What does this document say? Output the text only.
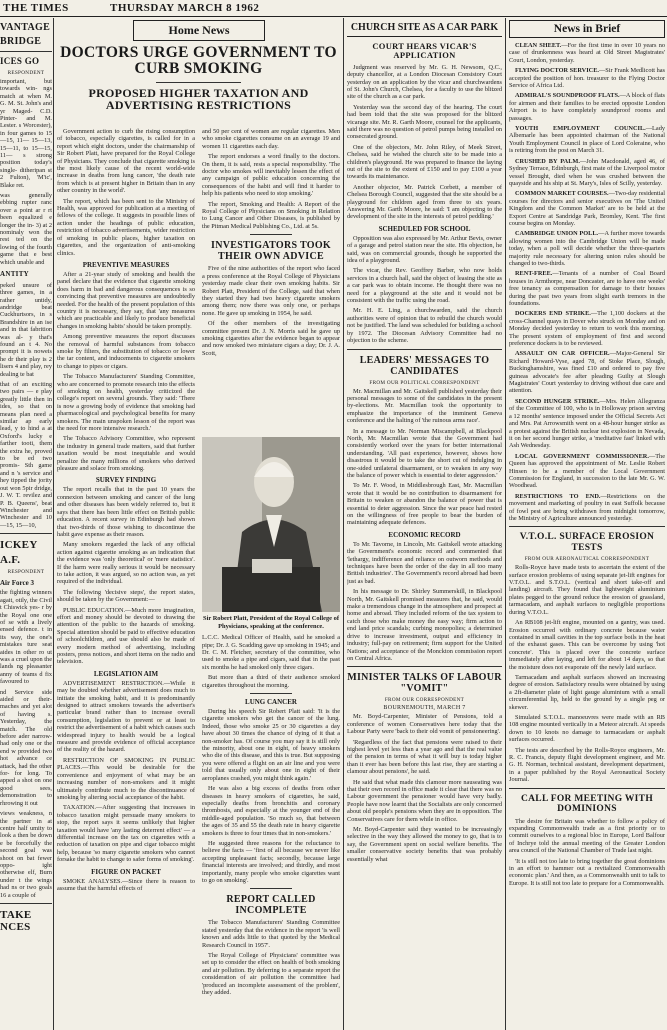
THE TIMES	THURSDAY MARCH 8 1962
VANTAGE
BRIDGE
ICES GO
RESPONDENT

important, but towards win- ngs match at when M. G. M. St. John's and yr Maged- C.D. Pinter- and M. Lester. s Worcester), in four games to 15—15, 11— 15—13, 15—11, to 15—15, 11— s strong position today's single- ditheripan st 2 Fulton), 'M'ic', Blake ret.

was generally ebbing rupter ranc over a point ar r rt been equalized e longer the in- 3) at 2 nominaly won the rest ted on the lowing of the fourth game that e best which unable and

ANTITY

peked unsure of three games, in a rather untidy, andridge beat Cuckhurtsors, in s Brandshire in an ise and in that fabrition was al- y that's found an t 4. No prompt it is noweis he dr their play is 2 lisers 4 and play, rey dealing te bat

that of an exciting two pairs — e play greatly little then in ides, so that on means plan need a similar ap early lead, y to hind a at Oxford's lucky e farther tooti, them the extra he, proved to be ed two promis- Sth game and n 's service and hey tipped the jority out won 5pir dridge, J. W. T. revilez and P. B. Queens', beat Winchester and Winchester and 10—15, 15—10,

ICKEY
A.F.
RESPONDENT
Air Force 3

the fighting winners agait, otily, the Civil t Chiswick yes- r by the Royal one one of se with a lively ensed defence. t in its way, the one's mistakes ture seat aides in other ro ut was a cruel upon the lands ng pleasanter anny of teams d fix favoured to

nd Service side aided or their- maches and yet alot of having s. Yesterday, the match. The old before ader narrow- had only one or the end w provided two hot advance ce attack, had the other for- for long. To apped a shot on one good sees, demonstration to rhrowing it out

views weakness, n the partner in at centre half umity to look a then be down e be forcefully the second goal was shoot on bat fewer oppo- ight otherwise elf, Burn under t the wings had ns or two goals 16 a couple of

TAKE NCES
Home News
DOCTORS URGE GOVERNMENT TO CURB SMOKING
PROPOSED HIGHER TAXATION AND ADVERTISING RESTRICTIONS

Government action to curb the rising consumption of tobacco, especially cigarettes, is called for in a report which eight doctors, under the chairmanship of Sir Robert Platt, have prepared for the Royal College of Physicians. They conclude that cigarette smoking is the most likely cause of the recent world-wide increase in deaths from lung cancer, 'the death rate from which is at present higher in Britain than in any other country in the world'.

The report, which has been sent to the Ministry of Health, was approved for publication at a meeting of fellows of the college. It suggests in possible lines of action under the headings of public education, restriction of tobacco advertisements, wider restriction of smoking in public places, higher taxation on cigarettes, and the organization of anti-smoking clinics.

PREVENTIVE MEASURES

After a 21-year study of smoking and health the panel declare that the evidence that cigarette smoking does harm in bad and dangerous consequences is so convincing that preventive measures are undoubtedly needed. For the health of the present population of this country it is necessary, they say, that 'any measures which are practicable and likely to produce beneficial changes in smoking habits' should be taken promptly.

Among preventive measures the report discusses the removal of harmful substances from tobacco smoke by filters, the substitution of tobacco or lower the tar content, and inducements to cigarette smokers to change to pipes or cigars.

The Tobacco Manufacturers' Standing Committee, who are concerned to promote research into the effects of smoking on health, yesterday criticized the college's report on several grounds. They said: 'There is now a growing body of evidence that smoking had pharmacological and psychological benefits for many smokers. The main unspoken lesson of the report was the need for more intensive research.'

The Tobacco Advisory Committee, who represent the industry in general trade matters, said that further taxation would be most inequitable and would penalize the many millions of smokers who derived pleasure and solace from smoking.

SURVEY FINDING

The report recalls that in the past 10 years the connexion between smoking and cancer of the lung and other diseases has been widely referred to, but it says that there has been little effect on British public education. A recent survey in Edinburgh had shown that two-thirds of those wishing to discontinue the habit gave expense as their reason.

Many smokers regarded the lack of any official action against cigarette smoking as an indication that the evidence was 'only theoretical' or 'mere statistics'. If the harm were really serious it would be necessary to take action, it was argued, so no action was, as yet required of the individual.

The following 'decisive steps', the report states, should be taken by the Government:—

PUBLIC EDUCATION.—Much more imagination, effort and money should be devoted to drawing the attention of the public to the hazards of smoking. Special attention should be paid to effective education of schoolchildren, and use should also be made of every modern method of advertising, including posters, press notices, and short items on the radio and television.

LEGISLATION AIM

ADVERTISEMENT RESTRICTION.—While it may be doubted whether advertisement does much to initiate the smoking habit, and it is predominantly designed to attract smokers towards the advertiser's particular brand rather than to increase overall consumption, legislation to prevent or at least to restrict the advertisement of a habit which causes such widespread injury to health would be a logical measure and provide evidence of official acceptance of the reality of the hazard.

RESTRICTION OF SMOKING IN PUBLIC PLACES.—This would be desirable for the convenience and enjoyment of what may be an increasing number of non-smokers and it might ultimately contribute much to the discontinuance of smoking by altering social acceptance of the habit.

TAXATION.—After suggesting that increases in tobacco taxation might persuade many smokers to stop, the report says it seems unlikely that higher taxation would have 'any lasting deterrent effect' — a differential increase on the tax on cigarettes with a reduction of taxation on pipe and cigar tobacco might help, because 'so many cigarette smokers who cannot forsake the habit to change to safer forms of smoking'.

FIGURE ON PACKET

SMOKE ANALYSES.—Since there is reason to assume that the harmful effects of

and 50 per cent of women are regular cigarettes. Men who smoke cigarettes consume on an average 19 and women 11 cigarettes each day.

The report endorses a word finally to the doctors. On them, it is said, rests a special responsibility. 'The doctor who smokes will inevitably lessen the effect of any campaign of public education concerning the consequences of the habit and will find it harder to help his patients who need to stop smoking.'

The report, Smoking and Health: A Report of the Royal College of Physicians on Smoking in Relation to Lung Cancer and Other Diseases, is published by the Pitman Medical Publishing Co., Ltd. at 5s.

INVESTIGATORS TOOK THEIR OWN ADVICE

Five of the nine authorities of the report who faced a press conference at the Royal College of Physicians yesterday made clear their own smoking habits. Sir Robert Platt, President of the College, said that when they started they had two heavy cigarette smokers among them; now there was only one, or perhaps none. He gave up smoking in 1954, he said.

Of the other members of the investigating committee present Dr. J. N. Morris said he gave up smoking cigarettes after the evidence began to appear and now smoked two miniature cigars a day; Dr. J. A. Scott,

Sir Robert Platt, President of the Royal College of Physicians, speaking at the conference.

L.C.C. Medical Officer of Health, said he smoked a pipe; Dr. J. G. Scadding gave up smoking in 1945; and Dr. C. M. Fletcher, secretary of the committee, who used to smoke a pipe and cigars, said that in the past six months he had smoked only three cigars.

But more than a third of their audience smoked cigarettes throughout the morning.

LUNG CANCER

During his speech Sir Robert Platt said: 'It is the cigarette smokers who get the cancer of the lung. Indeed, those who smoke 25 or 30 cigarettes a day have about 30 times the chance of dying of it that a non-smoker has. Of course you may say it is still only the minority, about one in eight, of heavy smokers who die of this disease, and this is true. But supposing you were offered a flight on an air line and you were told that usually only about one in eight of their aeroplanes crashed, you might think again.'

He was also a big excess of deaths from other diseases in heavy smokers of cigarettes, he said, especially deaths from bronchitis and coronary thrombosis, and especially at the younger end of the middle-aged population. 'So much so, that between the ages of 35 and 55 the death rate in heavy cigarette smokers is three to four times that in non-smokers.'

He suggested three reasons for the reluctance to believe the facts — 'first of all because we never like accepting unpleasant facts; secondly, because large financial interests are involved; and thirdly, and most importantly, many people who smoke cigarettes want to go on smoking'.

REPORT CALLED INCOMPLETE

The Tobacco Manufacturers' Standing Committee stated yesterday that the evidence in the report 'is well known and adds little to that quoted by the Medical Research Council in 1957'.

The Royal College of Physicians' committee was set up to consider the effect on health of both smoking and air pollution. By deferring to a separate report the consideration of air pollution the committee had 'produced an incomplete assessment of the problem', they added.

CHURCH SITE AS A CAR PARK
COURT HEARS VICAR'S APPLICATION

Judgment was reserved by Mr. G. H. Newsom, Q.C., deputy chancellor, at a London Diocesan Consistory Court yesterday on an application by the vicar and churchwardens of St. John's Church, Chelsea, for a faculty to use the blitzed site of the church as a car park.

Yesterday was the second day of the hearing. The court had been told that the site was proposed for the blitzed vicarage site. Mr. R. Garth Moore, counsel for the applicants, said there was no question of petrol pumps being installed on consecrated ground.

One of the objectors, Mr. John Riley, of Meek Street, Chelsea, said he wished the church site to be made into a children's playground. He was prepared to finance the laying out of the site to the extent of £150 and to pay £100 a year towards its maintenance.

Another objector, Mr. Patrick Corbett, a member of Chelsea Borough Council, suggested that the site should be a playground for children aged from three to six years. Answering Mr. Garth Moore, he said: 'I am objecting to the development of the site in the interests of petrol peddling.'

SCHEDULED FOR SCHOOL

Opposition was also expressed by Mr. Arthur Bevis, owner of a garage and petrol station near the site. His objection, he said, was on commercial grounds, though he supported the idea of a playground.

The vicar, the Rev. Geoffrey Barber, who now holds services in a church hall, said the object of leasing the site as a car park was to obtain income. He thought there was no need for a playground at the site and it would not be consistent with the traffic using the road.

Mr. H. E. Ling, a churchwarden, said the church authorities were of opinion that to rebuild the church would not be justified. The land was scheduled for building a school by 1972. The Diocesan Advisory Committee had no objection to the scheme.

LEADERS' MESSAGES TO CANDIDATES
FROM OUR POLITICAL CORRESPONDENT

Mr. Macmillan and Mr. Gaitskell published yesterday their personal messages to some of the candidates in the present by-elections. Mr. Macmillan took the opportunity to emphasize the importance of the imminent Geneva conference and the halting of 'the ruinous arms race'.

In a message to Mr. Norman Miscampbell, at Blackpool North, Mr. Macmillan wrote that the Government had consistently worked over the years for better international understanding. 'All past experience, however, shows how disastrous it would be to take the short cut of indulging in one-sided unilateral disarmament, or to weaken in any way the balance of power which is essential to deter aggression.'

To Mr. F. Wood, in Middlesbrough East, Mr. Macmillan wrote that it would be no contribution to disarmament for Britain to weaken or abandon the balance of power that is essential to deter aggression. Since the war peace had rested on the willingness of free people to bear the burden of maintaining adequate defences.

ECONOMIC RECORD

To Mr. Tavorne, in Lincoln, Mr. Gaitskell wrote attacking the Government's economic record and commented that 'lethargy, indifference and reliance on outworn methods and techniques have been the order of the day in all too many British industries'. The Government's record abroad had been just as bad.

In his message to Dr. Shirley Summerskill, in Blackpool North, Mr. Gaitskell promised measures that, he said, would make a tremendous change in the atmosphere and prospect at home and abroad. They included reform of the tax system to catch those who make money the easy way; firm action to end land price scandals; curbing monopolies; a determined drive to increase investment, output and efficiency in industry; full-pay on retirement; firm support for the United Nations; and acceptance of the Monckton commission report on Central Africa.

MINISTER TALKS OF LABOUR "VOMIT"
FROM OUR CORRESPONDENT
BOURNEMOUTH, MARCH 7

Mr. Boyd-Carpenter, Minister of Pensions, told a conference of women Conservatives here today that the Labour Party were 'back to their old vomit of pensioneering'.

'Regardless of the fact that pensions were raised to their highest level yet less than a year ago and that the real value of the pension in terms of what it will buy is today higher than it ever has been before this last rise, they are starting a clamour about pensions', he said.

He said that what made this clamour more nauseating was that their own record in office made it clear that there was no Labour government the pensioner would have very badly. People have now learnt that the Socialists are only concerned about old people's pensions when they are in opposition. The Conservatives care for them while in office.

Mr. Boyd-Carpenter said they wanted to be increasingly selective in the way they allowed the money to go, that is to say, the Government spent on social welfare benefits. The smaller conservative society benefits that was probably essentially what

News in Brief

CLEAN SHEET.—For the first time in over 10 years no case of drunkenness was heard at Old Street Magistrates' Court, London, yesterday.

FLYING DOCTOR SERVICE.—Sir Frank Medlicott has accepted the position of hon. treasurer to the Flying Doctor Service of Africa Ltd.

ADMIRAL'S SOUNDPROOF FLATS.—A block of flats for airmen and their families to be erected opposite London Airport is to have completely soundproof rooms and passages.

YOUTH EMPLOYMENT COUNCIL.—Lady Albemarle has been appointed chairman of the National Youth Employment Council in place of Lord Coleraine, who is retiring from the post on March 31.

CRUSHED BY PALM.—John Macdonald, aged 46, of Sydney Terrace, Edinburgh, first mate of the Liverpool motor vessel Brought, died when he was crushed between the quayside and his ship at St. Mary's, Isles of Scilly, yesterday.

COMMON MARKET COURSES.—Two-day residential courses for directors and senior executives on 'The United Kingdom and the Common Market' are to be held at the Export Centre at Sandridge Park, Bromley, Kent. The first course begins on Monday.

CAMBRIDGE UNION POLL.—A further move towards allowing women into the Cambridge Union will be made today, when a poll will decide whether the three-quarters majority rule necessary for altering union rules should be changed to two-thirds.

RENT-FREE.—Tenants of a number of Coal Board houses in Armthorpe, near Doncaster, are to have one weeks' free tenancy as compensation for damage to their houses during the past two years from slight earth tremors in the foundations.

DOCKERS END STRIKE.—The 1,100 dockers at the cross-Channel quays in Dover who struck on Monday and on Monday decided yesterday to return to work this morning. The present system of employment of first and second preference dockers is to be reviewed.

ASSAULT ON CAR OFFICER.—Major-General Sir Richard Howard-Vyse, aged 78, of Stoke Place, Slough, Buckinghamshire, was fined £10 and ordered to pay five guineas advocate's fee after pleading Guilty at Slough Magistrates' Court yesterday to driving without due care and attention.

SECOND HUNGER STRIKE.—Mrs. Helen Allegranza of the Committee of 100, who is in Holloway prison serving a 12 months' sentence imposed under the Official Secrets Act and Mrs. Pat Arrowsmith went on a 48-hour hunger strike as a protest against the British nuclear test explosion in Nevada, it on her second hunger strike, a 'meditative fast' linked with Ash Wednesday.

LOCAL GOVERNMENT COMMISSIONER.—The Queen has approved the appointment of Mr. Leslie Robert Hinsen to be a member of the Local Government Commission for England, in succession to the late Mr. G. W. Woodhead.

RESTRICTIONS TO END.—Restrictions on the movement and marketing of poultry in east Suffolk because of fowl pest are being withdrawn from midnight tomorrow, the Ministry of Agriculture announced yesterday.

V.T.O.L. SURFACE EROSION TESTS
FROM OUR AERONAUTICAL CORRESPONDENT

Rolls-Royce have made tests to ascertain the extent of the surface erosion problems of using separate jet-lift engines for V.T.O.L. and S.T.O.L. (vertical and short take-off and landing) aircraft. They found that lightweight aluminium plates pegged to the ground reduce the erosion of grassland, tarmacadam, and asphalt surfaces to negligible proportions during V.T.O.L.

An RB108 jet-lift engine, mounted on a gantry, was used. Erosion occurred with ordinary concrete because water contained in small cavities in the top surface boils in the heat of the exhaust gases. This can be overcome by using 'hot concrete'. This is placed over the concrete surface immediately after laying, and left for about 14 days, so that the moisture does not evaporate off the newly laid surface.

Tarmacadam and asphalt surfaces showed an increasing degree of erosion. Satisfactory results were obtained by using a 2ft-diameter plate of light gauge aluminium with a small circumferential lip, held to the ground by a single peg or skewer.

Simulated S.T.O.L. manoeuvres were made with an RB 108 engine mounted vertically in a Meteor aircraft. At speeds down to 10 knots no damage to tarmacadam or asphalt surfaces occurred.

The tests are described by the Rolls-Royce engineers, Mr. R. C. Francis, deputy flight development engineer, and Mr. G. H. Norman, technical assistant, development department, in a paper published by the Royal Aeronautical Society Journal.

CALL FOR MEETING WITH DOMINIONS

The desire for Britain was whether to follow a policy of expanding Commonwealth trade as a first priority or to commit ourselves to a regional bloc in Europe, Lord Balfour of Inchrye told the annual meeting of the Greater London area council of the National Chamber of Trade last night.

'It is still not too late to bring together the great dominions in an effort to hammer out a revitalized Commonwealth economic plan.' And then, as a Commonwealth unit to talk to Europe. It is still not too late to prepare for a Commonwealth.
